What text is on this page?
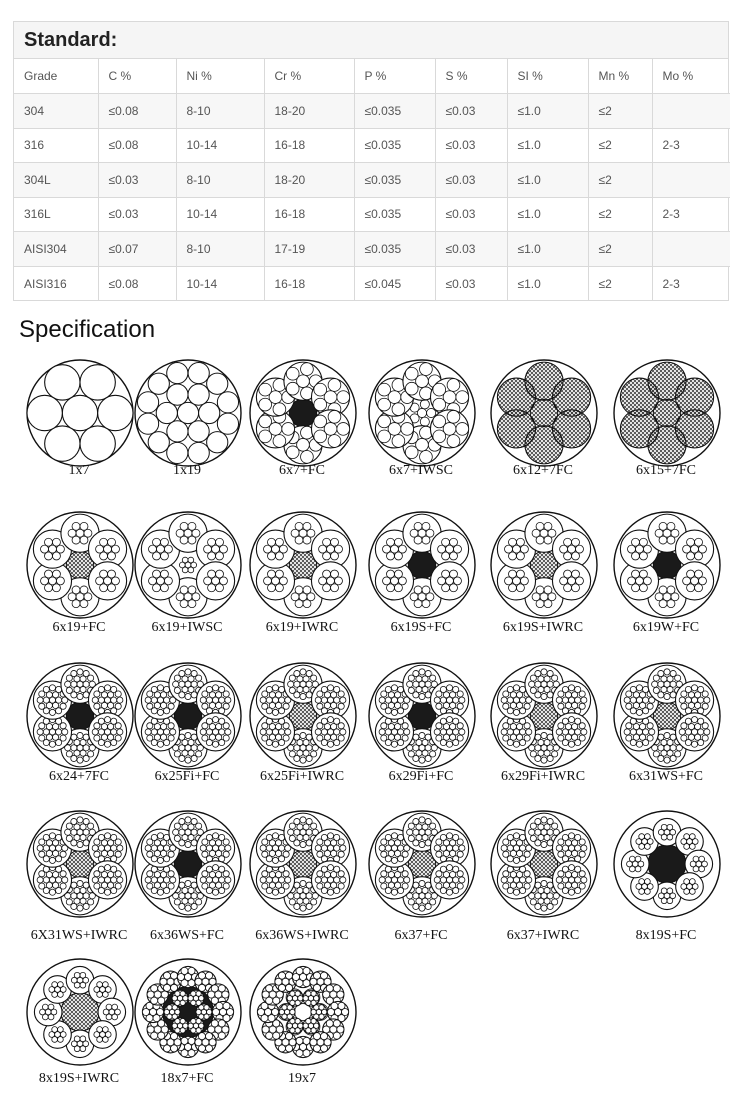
Standard:
Grade	C %	Ni %	Cr %	P %	S %	SI %	Mn %	Mo %
304	≤0.08	8-10	18-20	≤0.035	≤0.03	≤1.0	≤2	
316	≤0.08	10-14	16-18	≤0.035	≤0.03	≤1.0	≤2	2-3
304L	≤0.03	8-10	18-20	≤0.035	≤0.03	≤1.0	≤2	
316L	≤0.03	10-14	16-18	≤0.035	≤0.03	≤1.0	≤2	2-3
AISI304	≤0.07	8-10	17-19	≤0.035	≤0.03	≤1.0	≤2	
AISI316	≤0.08	10-14	16-18	≤0.045	≤0.03	≤1.0	≤2	2-3
Specification
1x7	1x19	6x7+FC	6x7+IWSC	6x12+7FC	6x15+7FC
6x19+FC	6x19+IWSC	6x19+IWRC	6x19S+FC	6x19S+IWRC	6x19W+FC
6x24+7FC	6x25Fi+FC	6x25Fi+IWRC	6x29Fi+FC	6x29Fi+IWRC	6x31WS+FC
6X31WS+IWRC	6x36WS+FC	6x36WS+IWRC	6x37+FC	6x37+IWRC	8x19S+FC
8x19S+IWRC	18x7+FC	19x7
